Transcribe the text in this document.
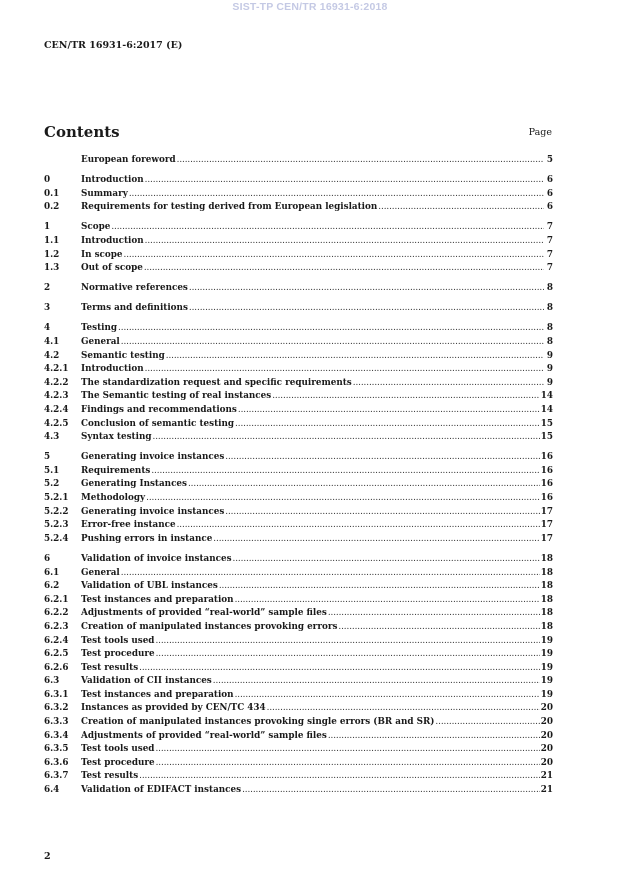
SIST-TP CEN/TR 16931-6:2018
CEN/TR 16931-6:2017 (E)
Contents	Page
European foreword .....	5
0	Introduction .....	6
0.1	Summary .....	6
0.2	Requirements for testing derived from European legislation .....	6
1	Scope .....	7
1.1	Introduction .....	7
1.2	In scope .....	7
1.3	Out of scope .....	7
2	Normative references .....	8
3	Terms and definitions .....	8
4	Testing .....	8
4.1	General .....	8
4.2	Semantic testing .....	9
4.2.1	Introduction .....	9
4.2.2	The standardization request and specific requirements .....	9
4.2.3	The Semantic testing of real instances .....	14
4.2.4	Findings and recommendations .....	14
4.2.5	Conclusion of semantic testing .....	15
4.3	Syntax testing .....	15
5	Generating invoice instances .....	16
5.1	Requirements .....	16
5.2	Generating Instances .....	16
5.2.1	Methodology .....	16
5.2.2	Generating invoice instances .....	17
5.2.3	Error-free instance .....	17
5.2.4	Pushing errors in instance .....	17
6	Validation of invoice instances .....	18
6.1	General .....	18
6.2	Validation of UBL instances .....	18
6.2.1	Test instances and preparation .....	18
6.2.2	Adjustments of provided “real-world” sample files .....	18
6.2.3	Creation of manipulated instances provoking errors .....	18
6.2.4	Test tools used .....	19
6.2.5	Test procedure .....	19
6.2.6	Test results .....	19
6.3	Validation of CII instances .....	19
6.3.1	Test instances and preparation .....	19
6.3.2	Instances as provided by CEN/TC 434 .....	20
6.3.3	Creation of manipulated instances provoking single errors (BR and SR) .....	20
6.3.4	Adjustments of provided “real-world” sample files .....	20
6.3.5	Test tools used .....	20
6.3.6	Test procedure .....	20
6.3.7	Test results .....	21
6.4	Validation of EDIFACT instances .....	21
2
